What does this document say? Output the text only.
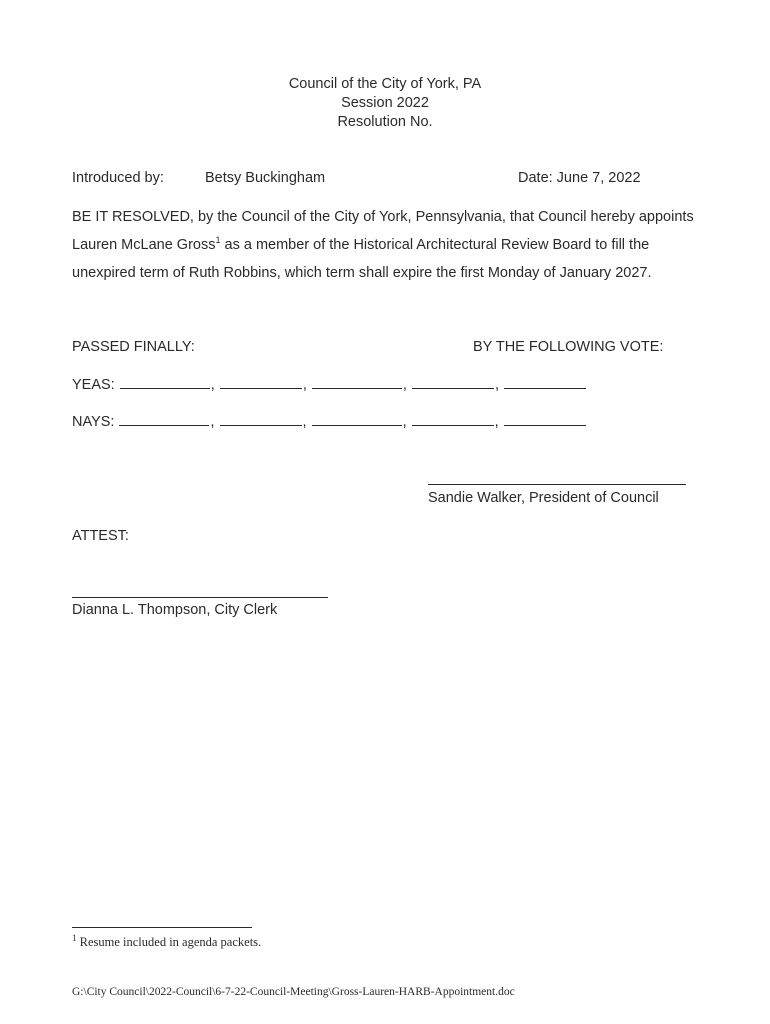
Council of the City of York, PA
Session 2022
Resolution No.
Introduced by:	Betsy Buckingham	Date: June 7, 2022
BE IT RESOLVED, by the Council of the City of York, Pennsylvania, that Council hereby appoints Lauren McLane Gross$^1$ as a member of the Historical Architectural Review Board to fill the unexpired term of Ruth Robbins, which term shall expire the first Monday of January 2027.
PASSED FINALLY:	BY THE FOLLOWING VOTE:
YEAS:	,	,	,	,
NAYS:	,	,	,	,
Sandie Walker, President of Council
ATTEST:
Dianna L. Thompson, City Clerk
$^1$ Resume included in agenda packets.
G:\City Council\2022-Council\6-7-22-Council-Meeting\Gross-Lauren-HARB-Appointment.doc
